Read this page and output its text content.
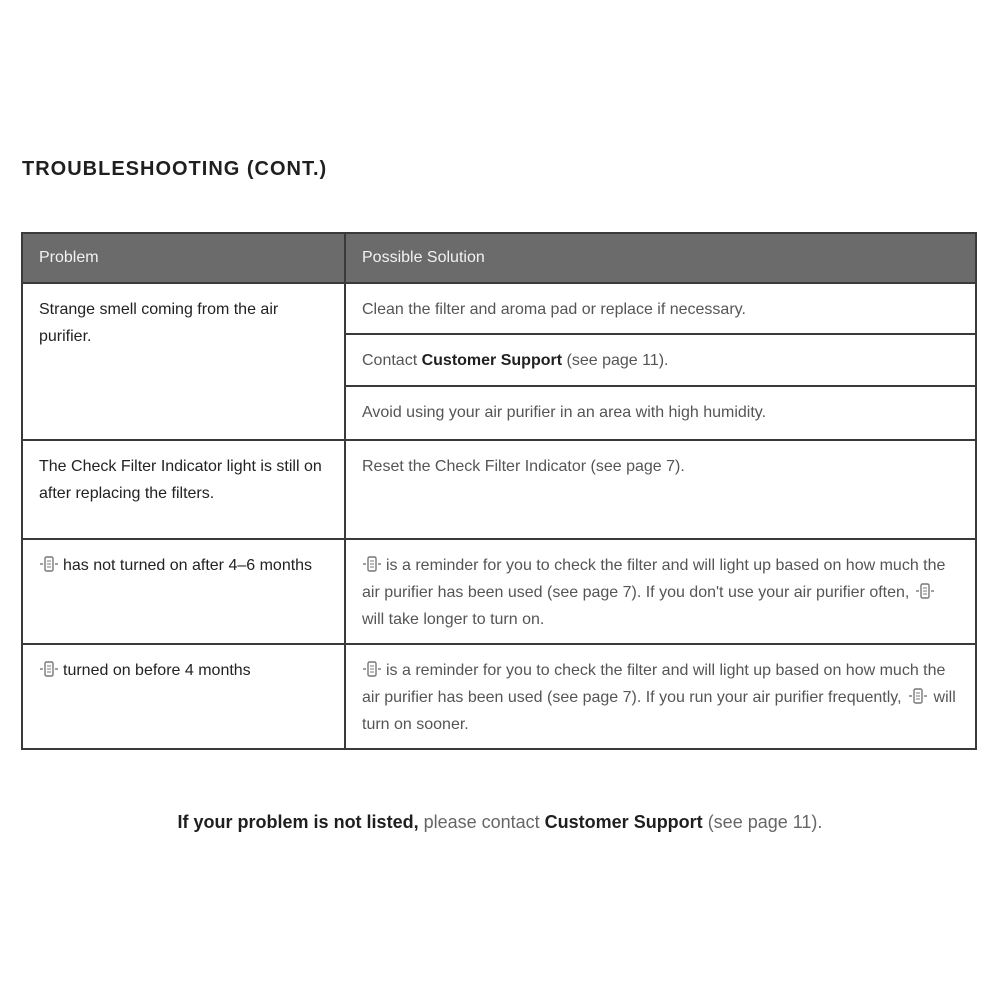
TROUBLESHOOTING (CONT.)
Problem	Possible Solution
Strange smell coming from the air purifier.	Clean the filter and aroma pad or replace if necessary.
	Contact Customer Support (see page 11).
	Avoid using your air purifier in an area with high humidity.
The Check Filter Indicator light is still on after replacing the filters.	Reset the Check Filter Indicator (see page 7).
has not turned on after 4–6 months	is a reminder for you to check the filter and will light up based on how much the air purifier has been used (see page 7). If you don't use your air purifier often,will take longer to turn on.
turned on before 4 months	is a reminder for you to check the filter and will light up based on how much the air purifier has been used (see page 7). If you run your air purifier frequently, will turn on sooner.

If your problem is not listed, please contact Customer Support (see page 11).
